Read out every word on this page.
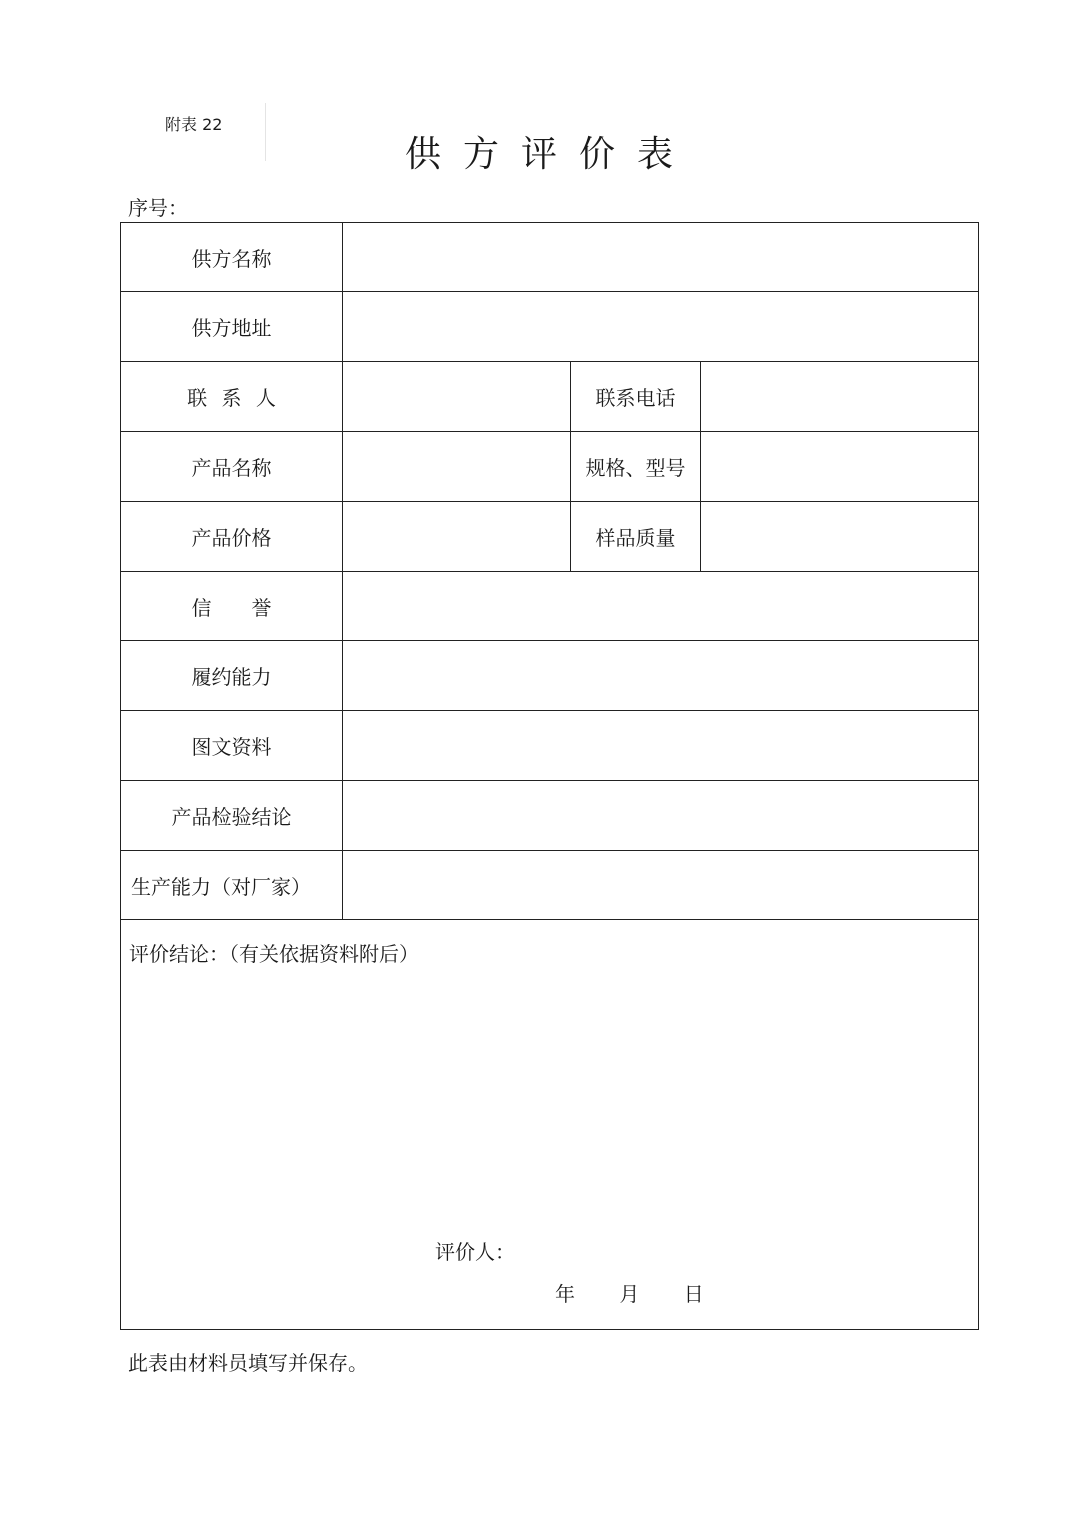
附表 22
供方评价表
序号：
供方名称			
供方地址			
联 系 人		联系电话	
产品名称		规格、型号	
产品价格		样品质量	
信　　誉			
履约能力			
图文资料			
产品检验结论			
生产能力（对厂家）			

评价结论：（有关依据资料附后）
评价人：
年 月 日			
此表由材料员填写并保存。
